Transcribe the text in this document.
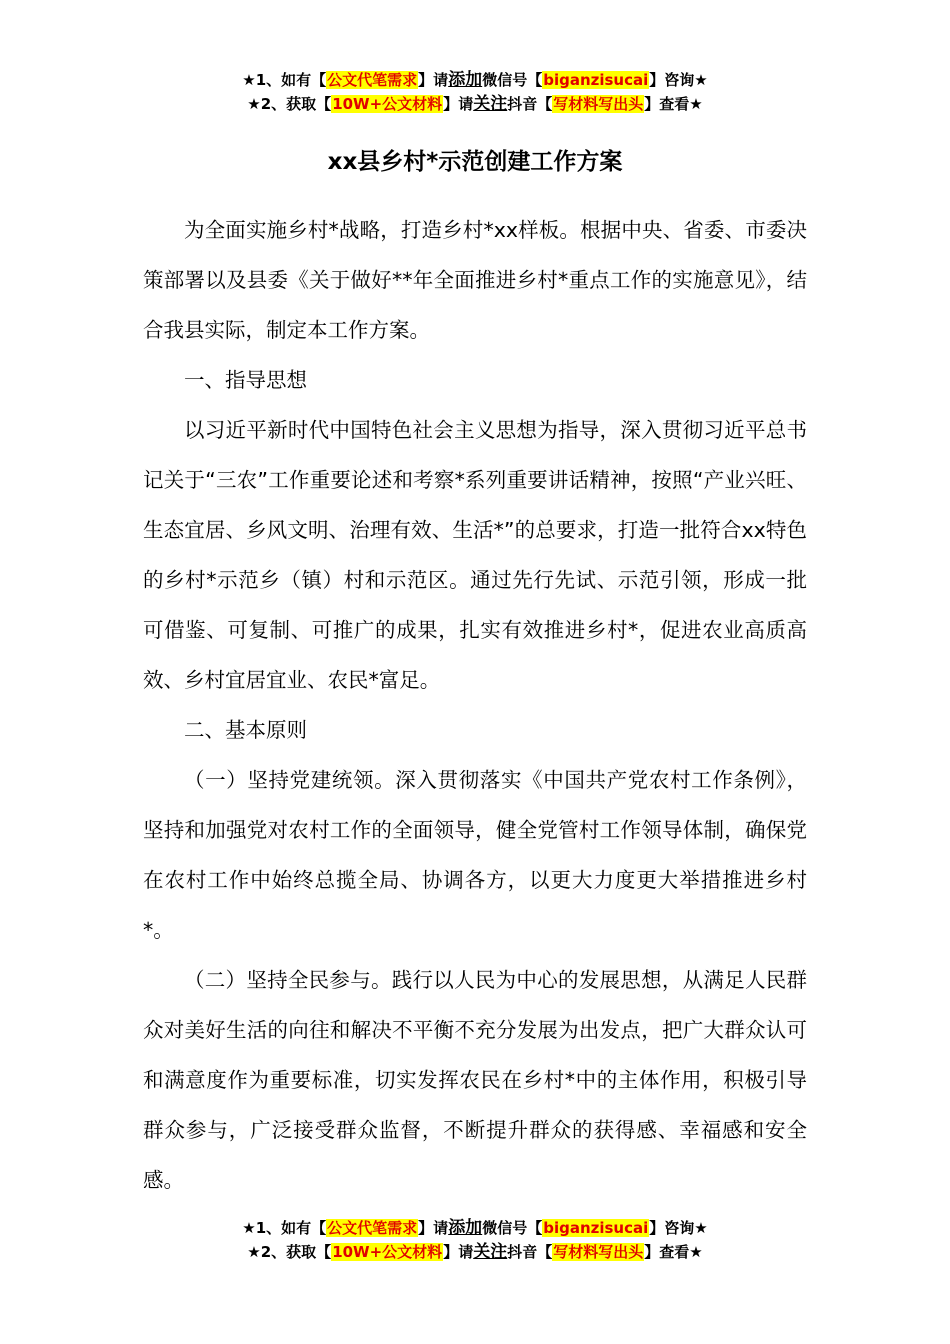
★1、如有【公文代笔需求】请添加微信号【biganzisucai】咨询★
★2、获取【10W+公文材料】请关注抖音【写材料写出头】查看★
xx县乡村*示范创建工作方案

为全面实施乡村*战略，打造乡村*xx样板。根据中央、省委、市委决策部署以及县委《关于做好**年全面推进乡村*重点工作的实施意见》，结合我县实际，制定本工作方案。

一、指导思想

以习近平新时代中国特色社会主义思想为指导，深入贯彻习近平总书记关于“三农”工作重要论述和考察*系列重要讲话精神，按照“产业兴旺、生态宜居、乡风文明、治理有效、生活*”的总要求，打造一批符合xx特色的乡村*示范乡（镇）村和示范区。通过先行先试、示范引领，形成一批可借鉴、可复制、可推广的成果，扎实有效推进乡村*，促进农业高质高效、乡村宜居宜业、农民*富足。

二、基本原则

（一）坚持党建统领。深入贯彻落实《中国共产党农村工作条例》，坚持和加强党对农村工作的全面领导，健全党管村工作领导体制，确保党在农村工作中始终总揽全局、协调各方，以更大力度更大举措推进乡村*。

（二）坚持全民参与。践行以人民为中心的发展思想，从满足人民群众对美好生活的向往和解决不平衡不充分发展为出发点，把广大群众认可和满意度作为重要标准，切实发挥农民在乡村*中的主体作用，积极引导群众参与，广泛接受群众监督，不断提升群众的获得感、幸福感和安全感。

★1、如有【公文代笔需求】请添加微信号【biganzisucai】咨询★
★2、获取【10W+公文材料】请关注抖音【写材料写出头】查看★
